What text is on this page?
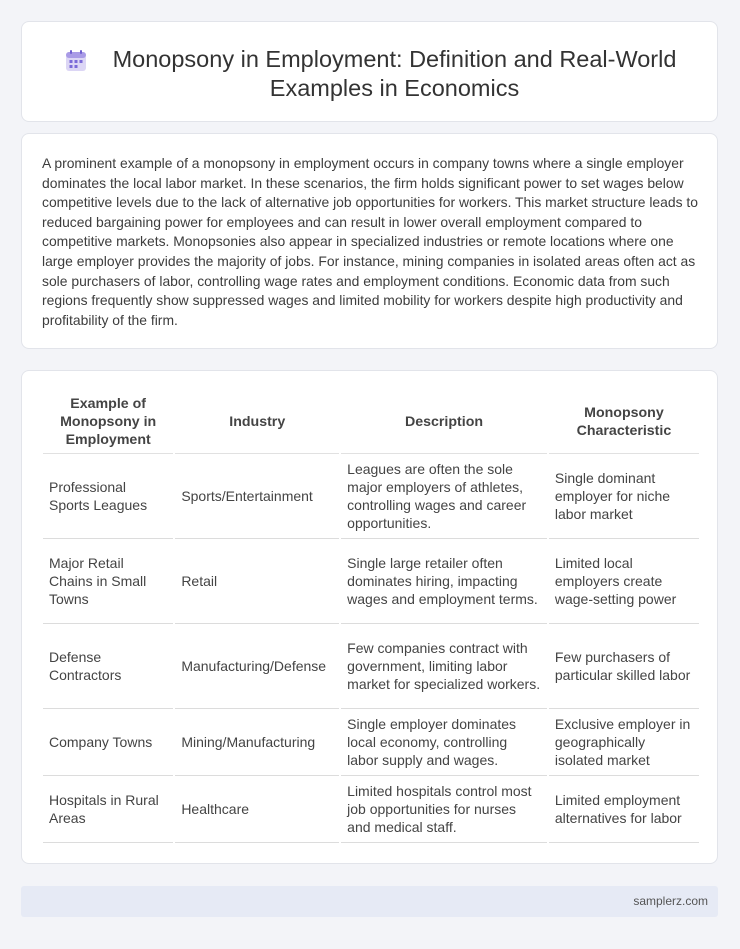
Monopsony in Employment: Definition and Real-World Examples in Economics

A prominent example of a monopsony in employment occurs in company towns where a single employer dominates the local labor market. In these scenarios, the firm holds significant power to set wages below competitive levels due to the lack of alternative job opportunities for workers. This market structure leads to reduced bargaining power for employees and can result in lower overall employment compared to competitive markets. Monopsonies also appear in specialized industries or remote locations where one large employer provides the majority of jobs. For instance, mining companies in isolated areas often act as sole purchasers of labor, controlling wage rates and employment conditions. Economic data from such regions frequently show suppressed wages and limited mobility for workers despite high productivity and profitability of the firm.

Example of Monopsony in Employment	Industry	Description	Monopsony Characteristic
Professional Sports Leagues	Sports/Entertainment	Leagues are often the sole major employers of athletes, controlling wages and career opportunities.	Single dominant employer for niche labor market
Major Retail Chains in Small Towns	Retail	Single large retailer often dominates hiring, impacting wages and employment terms.	Limited local employers create wage-setting power
Defense Contractors	Manufacturing/Defense	Few companies contract with government, limiting labor market for specialized workers.	Few purchasers of particular skilled labor
Company Towns	Mining/Manufacturing	Single employer dominates local economy, controlling labor supply and wages.	Exclusive employer in geographically isolated market
Hospitals in Rural Areas	Healthcare	Limited hospitals control most job opportunities for nurses and medical staff.	Limited employment alternatives for labor
samplerz.com
